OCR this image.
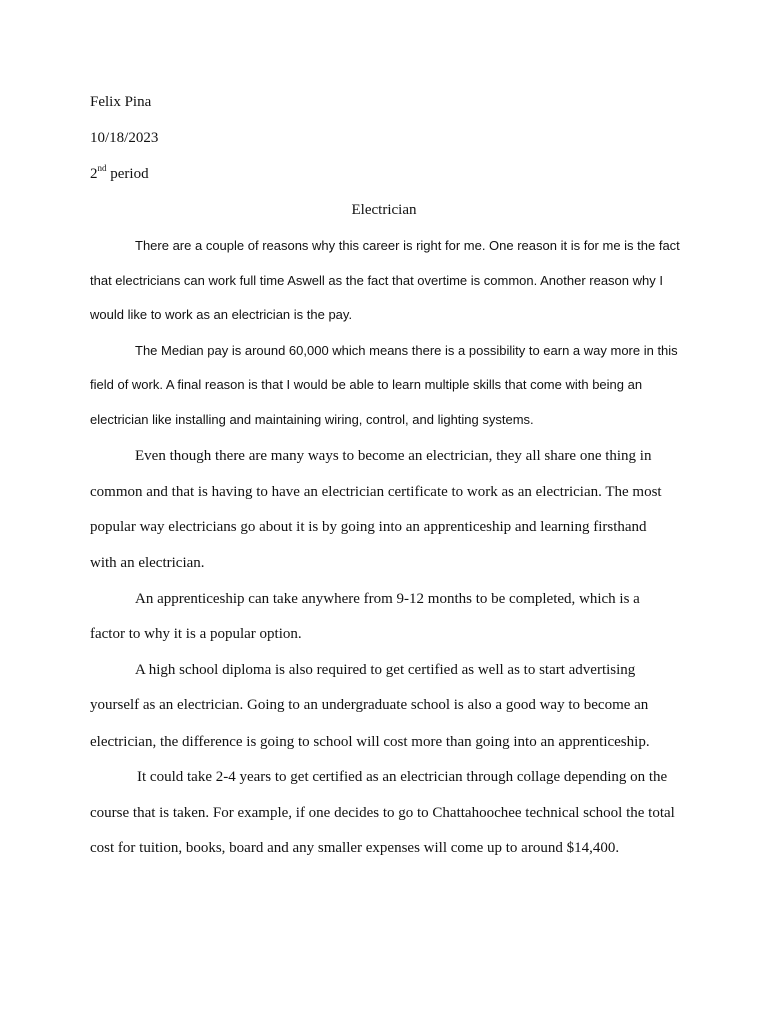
Felix Pina
10/18/2023
2nd period
Electrician
There are a couple of reasons why this career is right for me. One reason it is for me is the fact
that electricians can work full time Aswell as the fact that overtime is common. Another reason why I
would like to work as an electrician is the pay.
The Median pay is around 60,000 which means there is a possibility to earn a way more in this
field of work. A final reason is that I would be able to learn multiple skills that come with being an
electrician like installing and maintaining wiring, control, and lighting systems.
Even though there are many ways to become an electrician, they all share one thing in
common and that is having to have an electrician certificate to work as an electrician. The most
popular way electricians go about it is by going into an apprenticeship and learning firsthand
with an electrician.
An apprenticeship can take anywhere from 9-12 months to be completed, which is a
factor to why it is a popular option.
A high school diploma is also required to get certified as well as to start advertising
yourself as an electrician. Going to an undergraduate school is also a good way to become an
electrician, the difference is going to school will cost more than going into an apprenticeship.
It could take 2-4 years to get certified as an electrician through collage depending on the
course that is taken. For example, if one decides to go to Chattahoochee technical school the total
cost for tuition, books, board and any smaller expenses will come up to around $14,400.
